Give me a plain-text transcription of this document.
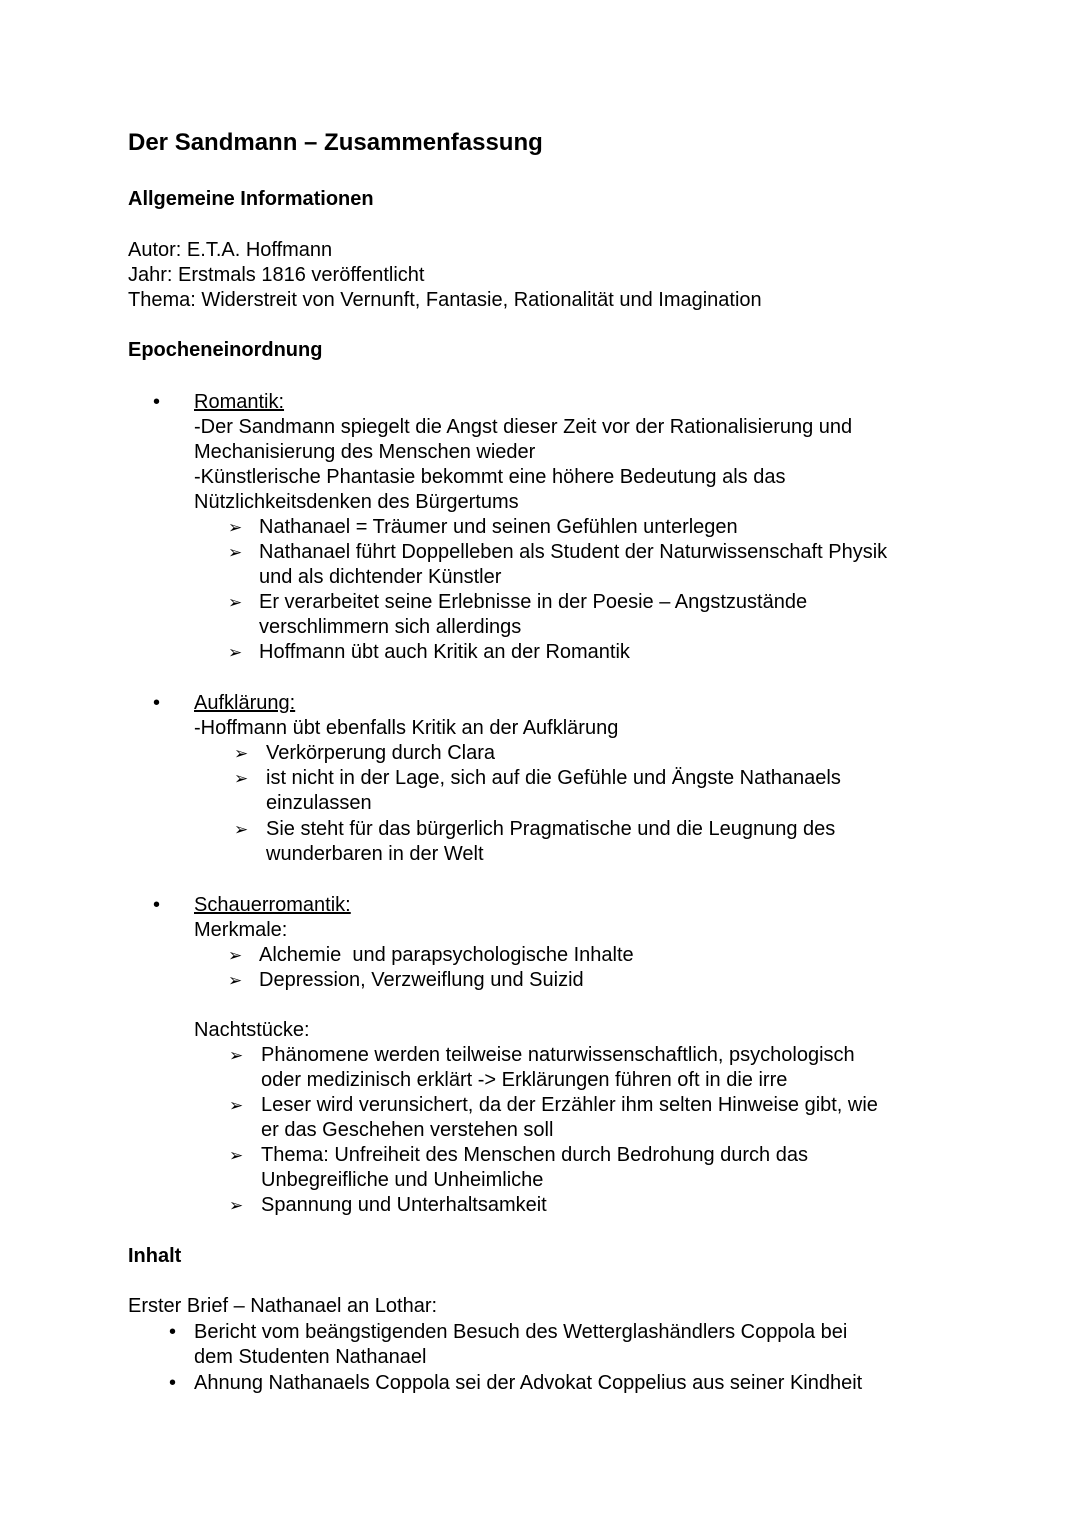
Der Sandmann – Zusammenfassung
Allgemeine Informationen
Autor: E.T.A. Hoffmann
Jahr: Erstmals 1816 veröffentlicht
Thema: Widerstreit von Vernunft, Fantasie, Rationalität und Imagination
Epocheneinordnung
• Romantik:
-Der Sandmann spiegelt die Angst dieser Zeit vor der Rationalisierung und
Mechanisierung des Menschen wieder
-Künstlerische Phantasie bekommt eine höhere Bedeutung als das
Nützlichkeitsdenken des Bürgertums
➢ Nathanael = Träumer und seinen Gefühlen unterlegen
➢ Nathanael führt Doppelleben als Student der Naturwissenschaft Physik
und als dichtender Künstler
➢ Er verarbeitet seine Erlebnisse in der Poesie – Angstzustände
verschlimmern sich allerdings
➢ Hoffmann übt auch Kritik an der Romantik
• Aufklärung:
-Hoffmann übt ebenfalls Kritik an der Aufklärung
➢ Verkörperung durch Clara
➢ ist nicht in der Lage, sich auf die Gefühle und Ängste Nathanaels
einzulassen
➢ Sie steht für das bürgerlich Pragmatische und die Leugnung des
wunderbaren in der Welt
• Schauerromantik:
Merkmale:
➢ Alchemie  und parapsychologische Inhalte
➢ Depression, Verzweiflung und Suizid
Nachtstücke:
➢ Phänomene werden teilweise naturwissenschaftlich, psychologisch
oder medizinisch erklärt -> Erklärungen führen oft in die irre
➢ Leser wird verunsichert, da der Erzähler ihm selten Hinweise gibt, wie
er das Geschehen verstehen soll
➢ Thema: Unfreiheit des Menschen durch Bedrohung durch das
Unbegreifliche und Unheimliche
➢ Spannung und Unterhaltsamkeit
Inhalt
Erster Brief – Nathanael an Lothar:
• Bericht vom beängstigenden Besuch des Wetterglashändlers Coppola bei
dem Studenten Nathanael
• Ahnung Nathanaels Coppola sei der Advokat Coppelius aus seiner Kindheit
